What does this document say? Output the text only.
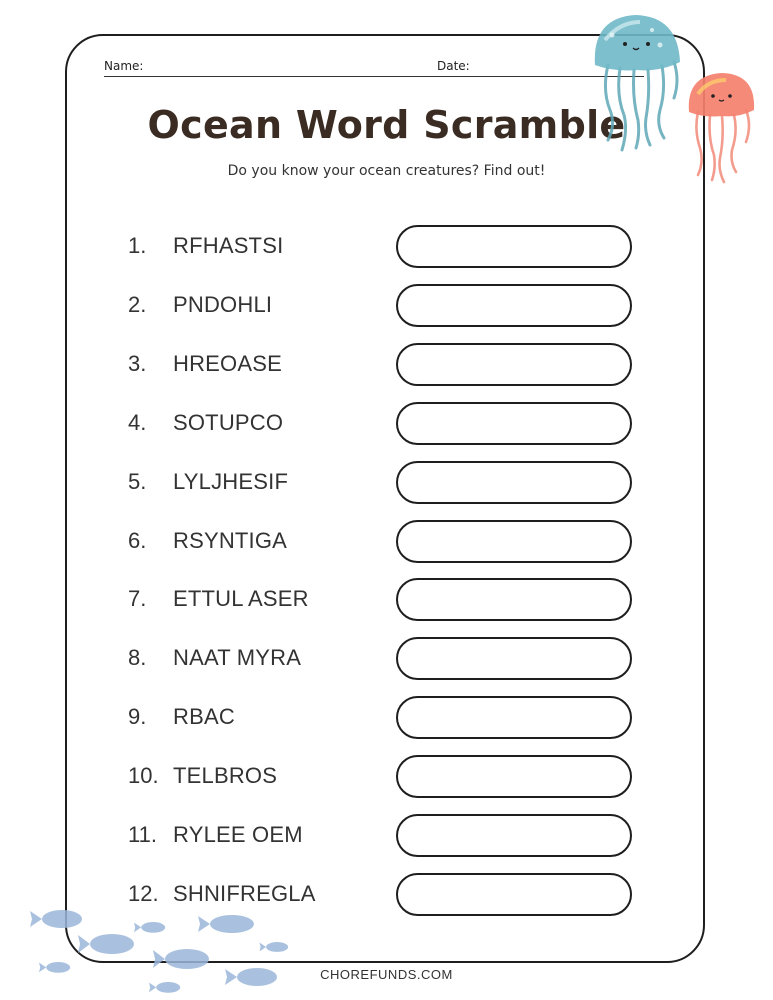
Name:	Date:
Ocean Word Scramble
Do you know your ocean creatures? Find out!
1. RFHASTSI
2. PNDOHLI
3. HREOASE
4. SOTUPCO
5. LYLJHESIF
6. RSYNTIGA
7. ETTUL ASER
8. NAAT MYRA
9. RBAC
10. TELBROS
11. RYLEE OEM
12. SHNIFREGLA
CHOREFUNDS.COM
